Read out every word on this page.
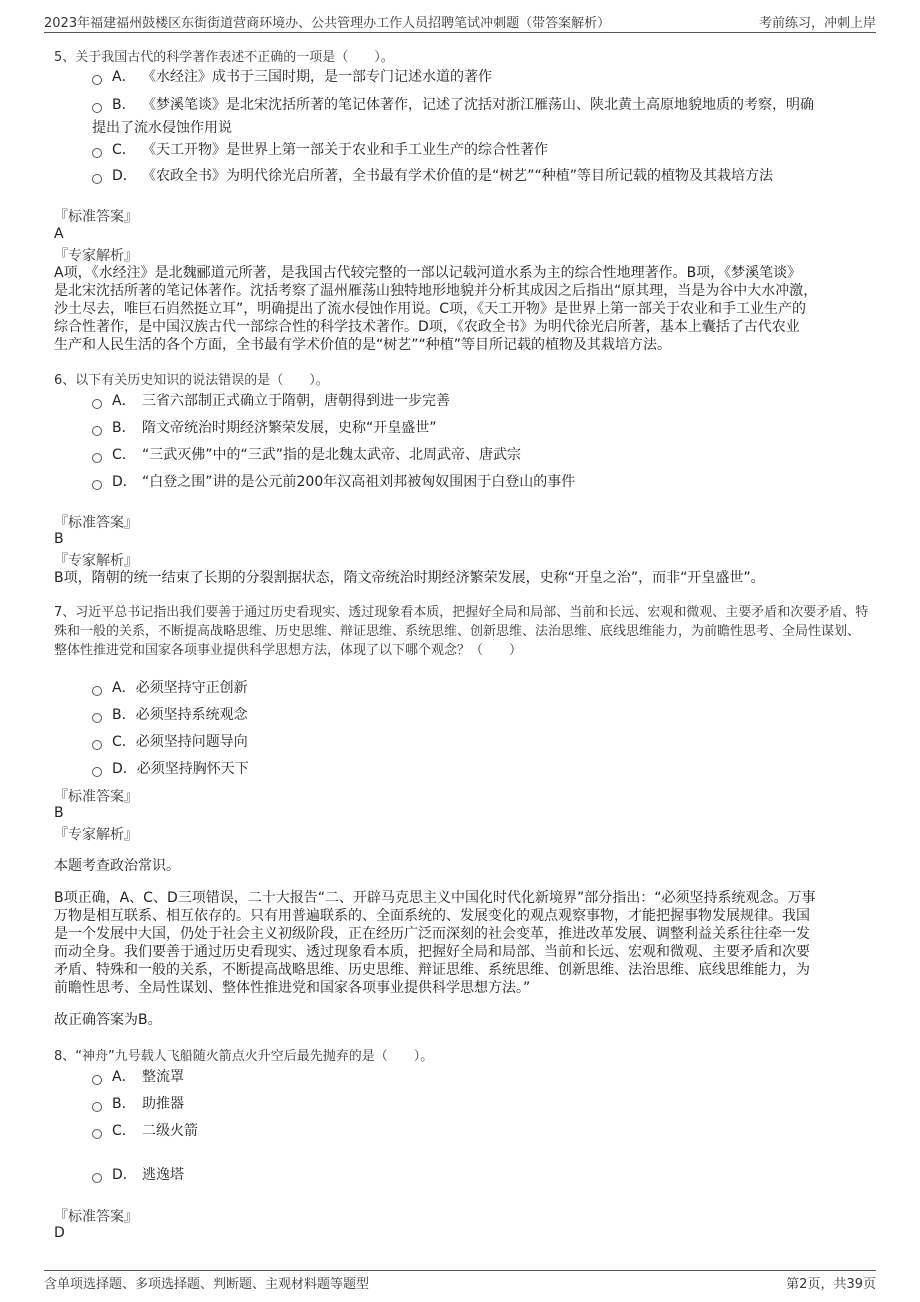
2023年福建福州鼓楼区东街街道营商环境办、公共管理办工作人员招聘笔试冲刺题（带答案解析）	考前练习，冲刺上岸
5、关于我国古代的科学著作表述不正确的一项是（　　）。
A． 《水经注》成书于三国时期，是一部专门记述水道的著作
B． 《梦溪笔谈》是北宋沈括所著的笔记体著作，记述了沈括对浙江雁荡山、陕北黄土高原地貌地质的考察，明确
提出了流水侵蚀作用说
C． 《天工开物》是世界上第一部关于农业和手工业生产的综合性著作
D． 《农政全书》为明代徐光启所著，全书最有学术价值的是“树艺”“种植”等目所记载的植物及其栽培方法
『标准答案』
A
『专家解析』
A项，《水经注》是北魏郦道元所著，是我国古代较完整的一部以记载河道水系为主的综合性地理著作。B项，《梦溪笔谈》
是北宋沈括所著的笔记体著作。沈括考察了温州雁荡山独特地形地貌并分析其成因之后指出“原其理，当是为谷中大水冲激，
沙土尽去，唯巨石岿然挺立耳”，明确提出了流水侵蚀作用说。C项，《天工开物》是世界上第一部关于农业和手工业生产的
综合性著作，是中国汉族古代一部综合性的科学技术著作。D项，《农政全书》为明代徐光启所著，基本上囊括了古代农业
生产和人民生活的各个方面，全书最有学术价值的是“树艺”“种植”等目所记载的植物及其栽培方法。
6、以下有关历史知识的说法错误的是（　　）。
A． 三省六部制正式确立于隋朝，唐朝得到进一步完善
B． 隋文帝统治时期经济繁荣发展，史称“开皇盛世”
C． “三武灭佛”中的“三武”指的是北魏太武帝、北周武帝、唐武宗
D． “白登之围”讲的是公元前200年汉高祖刘邦被匈奴围困于白登山的事件
『标准答案』
B
『专家解析』
B项，隋朝的统一结束了长期的分裂割据状态，隋文帝统治时期经济繁荣发展，史称“开皇之治”，而非“开皇盛世”。
7、习近平总书记指出我们要善于通过历史看现实、透过现象看本质，把握好全局和局部、当前和长远、宏观和微观、主要矛盾和次要矛盾、特
殊和一般的关系，不断提高战略思维、历史思维、辩证思维、系统思维、创新思维、法治思维、底线思维能力，为前瞻性思考、全局性谋划、
整体性推进党和国家各项事业提供科学思想方法，体现了以下哪个观念？（　　）
A．必须坚持守正创新
B．必须坚持系统观念
C．必须坚持问题导向
D．必须坚持胸怀天下
『标准答案』
B
『专家解析』
本题考查政治常识。
B项正确，A、C、D三项错误，二十大报告“二、开辟马克思主义中国化时代化新境界”部分指出：“必须坚持系统观念。万事
万物是相互联系、相互依存的。只有用普遍联系的、全面系统的、发展变化的观点观察事物，才能把握事物发展规律。我国
是一个发展中大国，仍处于社会主义初级阶段，正在经历广泛而深刻的社会变革，推进改革发展、调整利益关系往往牵一发
而动全身。我们要善于通过历史看现实、透过现象看本质，把握好全局和局部、当前和长远、宏观和微观、主要矛盾和次要
矛盾、特殊和一般的关系，不断提高战略思维、历史思维、辩证思维、系统思维、创新思维、法治思维、底线思维能力，为
前瞻性思考、全局性谋划、整体性推进党和国家各项事业提供科学思想方法。”
故正确答案为B。
8、“神舟”九号载人飞船随火箭点火升空后最先抛弃的是（　　）。
A． 整流罩
B． 助推器
C． 二级火箭
D． 逃逸塔
『标准答案』
D
含单项选择题、多项选择题、判断题、主观材料题等题型	第2页，共39页
